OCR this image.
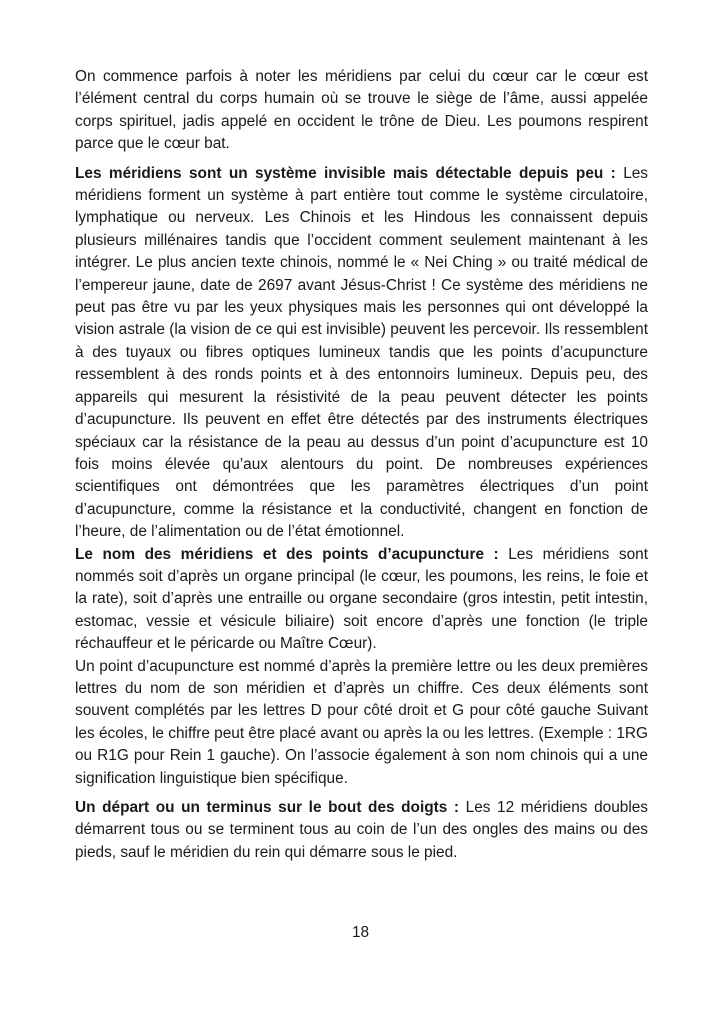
On commence parfois à noter les méridiens par celui du cœur car le cœur est l’élément central du corps humain où se trouve le siège de l’âme, aussi appelée corps spirituel, jadis appelé en occident le trône de Dieu. Les poumons respirent parce que le cœur bat.

Les méridiens sont un système invisible mais détectable depuis peu : Les méridiens forment un système à part entière tout comme le système circulatoire, lymphatique ou nerveux. Les Chinois et les Hindous les connaissent depuis plusieurs millénaires tandis que l’occident comment seulement maintenant à les intégrer. Le plus ancien texte chinois, nommé le « Nei Ching » ou traité médical de l’empereur jaune, date de 2697 avant Jésus-Christ ! Ce système des méridiens ne peut pas être vu par les yeux physiques mais les personnes qui ont développé la vision astrale (la vision de ce qui est invisible) peuvent les percevoir. Ils ressemblent à des tuyaux ou fibres optiques lumineux tandis que les points d’acupuncture ressemblent à des ronds points et à des entonnoirs lumineux. Depuis peu, des appareils qui mesurent la résistivité de la peau peuvent détecter les points d’acupuncture. Ils peuvent en effet être détectés par des instruments électriques spéciaux car la résistance de la peau au dessus d’un point d’acupuncture est 10 fois moins élevée qu’aux alentours du point. De nombreuses expériences scientifiques ont démontrées que les paramètres électriques d’un point d’acupuncture, comme la résistance et la conductivité, changent en fonction de l’heure, de l’alimentation ou de l’état émotionnel.

Le nom des méridiens et des points d’acupuncture : Les méridiens sont nommés soit d’après un organe principal (le cœur, les poumons, les reins, le foie et la rate), soit d’après une entraille ou organe secondaire (gros intestin, petit intestin, estomac, vessie et vésicule biliaire) soit encore d’après une fonction (le triple réchauffeur et le péricarde ou Maître Cœur).

Un point d’acupuncture est nommé d’après la première lettre ou les deux premières lettres du nom de son méridien et d’après un chiffre. Ces deux éléments sont souvent complétés par les lettres D pour côté droit et G pour côté gauche Suivant les écoles, le chiffre peut être placé avant ou après la ou les lettres. (Exemple : 1RG ou R1G pour Rein 1 gauche). On l’associe également à son nom chinois qui a une signification linguistique bien spécifique.

Un départ ou un terminus sur le bout des doigts : Les 12 méridiens doubles démarrent tous ou se terminent tous au coin de l’un des ongles des mains ou des pieds, sauf le méridien du rein qui démarre sous le pied.

18
